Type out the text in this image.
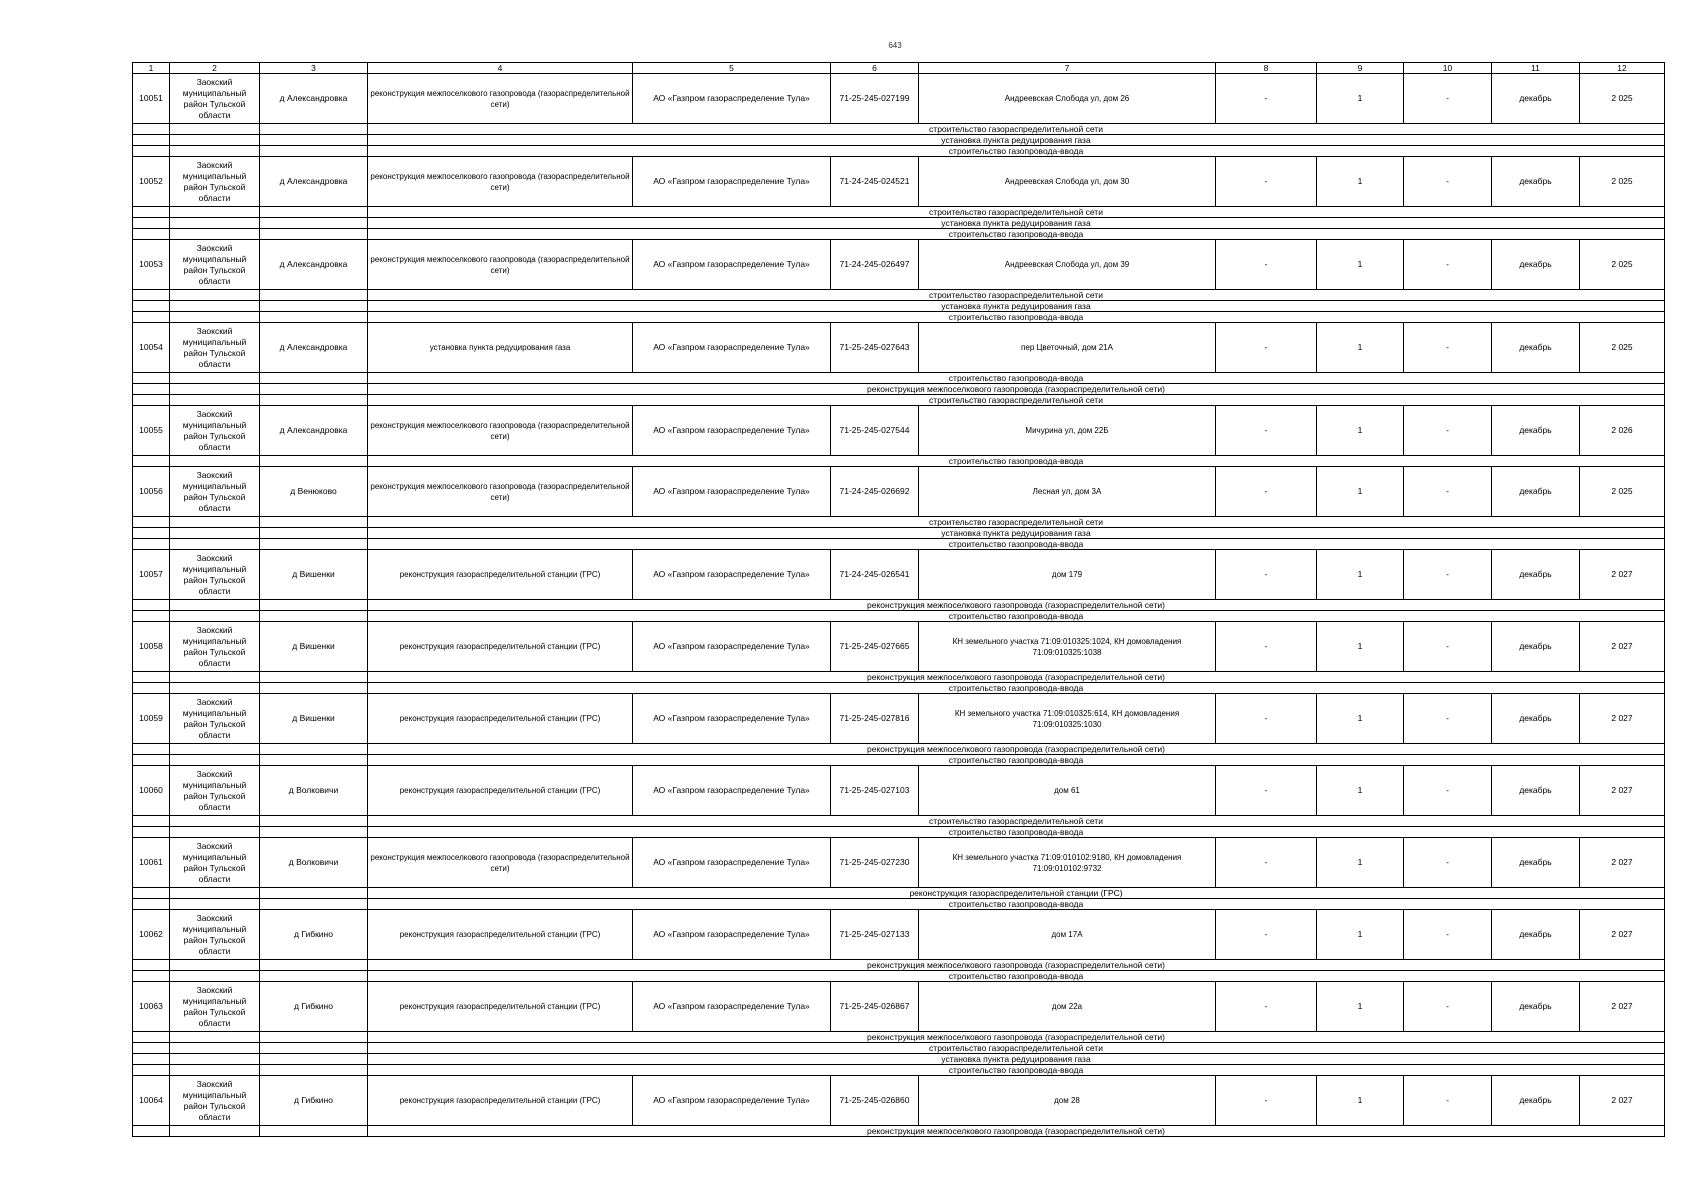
643
1	2	3	4	5	6	7	8	9	10	11	12
10051	Заокский муниципальный район Тульской области	д Александровка	реконструкция межпоселкового газопровода (газораспределительной сети)	АО «Газпром газораспределение Тула»	71-25-245-027199	Андреевская Слобода ул, дом 26	-	1	-	декабрь	2 025
			строительство газораспределительной сети								
			установка пункта редуцирования газа								
			строительство газопровода-ввода								
10052	Заокский муниципальный район Тульской области	д Александровка	реконструкция межпоселкового газопровода (газораспределительной сети)	АО «Газпром газораспределение Тула»	71-24-245-024521	Андреевская Слобода ул, дом 30	-	1	-	декабрь	2 025
			строительство газораспределительной сети								
			установка пункта редуцирования газа								
			строительство газопровода-ввода								
10053	Заокский муниципальный район Тульской области	д Александровка	реконструкция межпоселкового газопровода (газораспределительной сети)	АО «Газпром газораспределение Тула»	71-24-245-026497	Андреевская Слобода ул, дом 39	-	1	-	декабрь	2 025
			строительство газораспределительной сети								
			установка пункта редуцирования газа								
			строительство газопровода-ввода								
10054	Заокский муниципальный район Тульской области	д Александровка	установка пункта редуцирования газа	АО «Газпром газораспределение Тула»	71-25-245-027643	пер Цветочный, дом 21А	-	1	-	декабрь	2 025
			строительство газопровода-ввода								
			реконструкция межпоселкового газопровода (газораспределительной сети)								
			строительство газораспределительной сети								
10055	Заокский муниципальный район Тульской области	д Александровка	реконструкция межпоселкового газопровода (газораспределительной сети)	АО «Газпром газораспределение Тула»	71-25-245-027544	Мичурина ул, дом 22Б	-	1	-	декабрь	2 026
			строительство газопровода-ввода								
10056	Заокский муниципальный район Тульской области	д Венюково	реконструкция межпоселкового газопровода (газораспределительной сети)	АО «Газпром газораспределение Тула»	71-24-245-026692	Лесная ул, дом 3А	-	1	-	декабрь	2 025
			строительство газораспределительной сети								
			установка пункта редуцирования газа								
			строительство газопровода-ввода								
10057	Заокский муниципальный район Тульской области	д Вишенки	реконструкция газораспределительной станции (ГРС)	АО «Газпром газораспределение Тула»	71-24-245-026541	дом 179	-	1	-	декабрь	2 027
			реконструкция межпоселкового газопровода (газораспределительной сети)								
			строительство газопровода-ввода								
10058	Заокский муниципальный район Тульской области	д Вишенки	реконструкция газораспределительной станции (ГРС)	АО «Газпром газораспределение Тула»	71-25-245-027665	КН земельного участка 71:09:010325:1024, КН домовладения 71:09:010325:1038	-	1	-	декабрь	2 027
			реконструкция межпоселкового газопровода (газораспределительной сети)								
			строительство газопровода-ввода								
10059	Заокский муниципальный район Тульской области	д Вишенки	реконструкция газораспределительной станции (ГРС)	АО «Газпром газораспределение Тула»	71-25-245-027816	КН земельного участка 71:09:010325:614, КН домовладения 71:09:010325:1030	-	1	-	декабрь	2 027
			реконструкция межпоселкового газопровода (газораспределительной сети)								
			строительство газопровода-ввода								
10060	Заокский муниципальный район Тульской области	д Волковичи	реконструкция газораспределительной станции (ГРС)	АО «Газпром газораспределение Тула»	71-25-245-027103	дом 61	-	1	-	декабрь	2 027
			строительство газораспределительной сети								
			строительство газопровода-ввода								
10061	Заокский муниципальный район Тульской области	д Волковичи	реконструкция межпоселкового газопровода (газораспределительной сети)	АО «Газпром газораспределение Тула»	71-25-245-027230	КН земельного участка 71:09:010102:9180, КН домовладения 71:09:010102:9732	-	1	-	декабрь	2 027
			реконструкция газораспределительной станции (ГРС)								
			строительство газопровода-ввода								
10062	Заокский муниципальный район Тульской области	д Гибкино	реконструкция газораспределительной станции (ГРС)	АО «Газпром газораспределение Тула»	71-25-245-027133	дом 17А	-	1	-	декабрь	2 027
			реконструкция межпоселкового газопровода (газораспределительной сети)								
			строительство газопровода-ввода								
10063	Заокский муниципальный район Тульской области	д Гибкино	реконструкция газораспределительной станции (ГРС)	АО «Газпром газораспределение Тула»	71-25-245-026867	дом 22а	-	1	-	декабрь	2 027
			реконструкция межпоселкового газопровода (газораспределительной сети)								
			строительство газораспределительной сети								
			установка пункта редуцирования газа								
			строительство газопровода-ввода								
10064	Заокский муниципальный район Тульской области	д Гибкино	реконструкция газораспределительной станции (ГРС)	АО «Газпром газораспределение Тула»	71-25-245-026860	дом 28	-	1	-	декабрь	2 027
			реконструкция межпоселкового газопровода (газораспределительной сети)								
